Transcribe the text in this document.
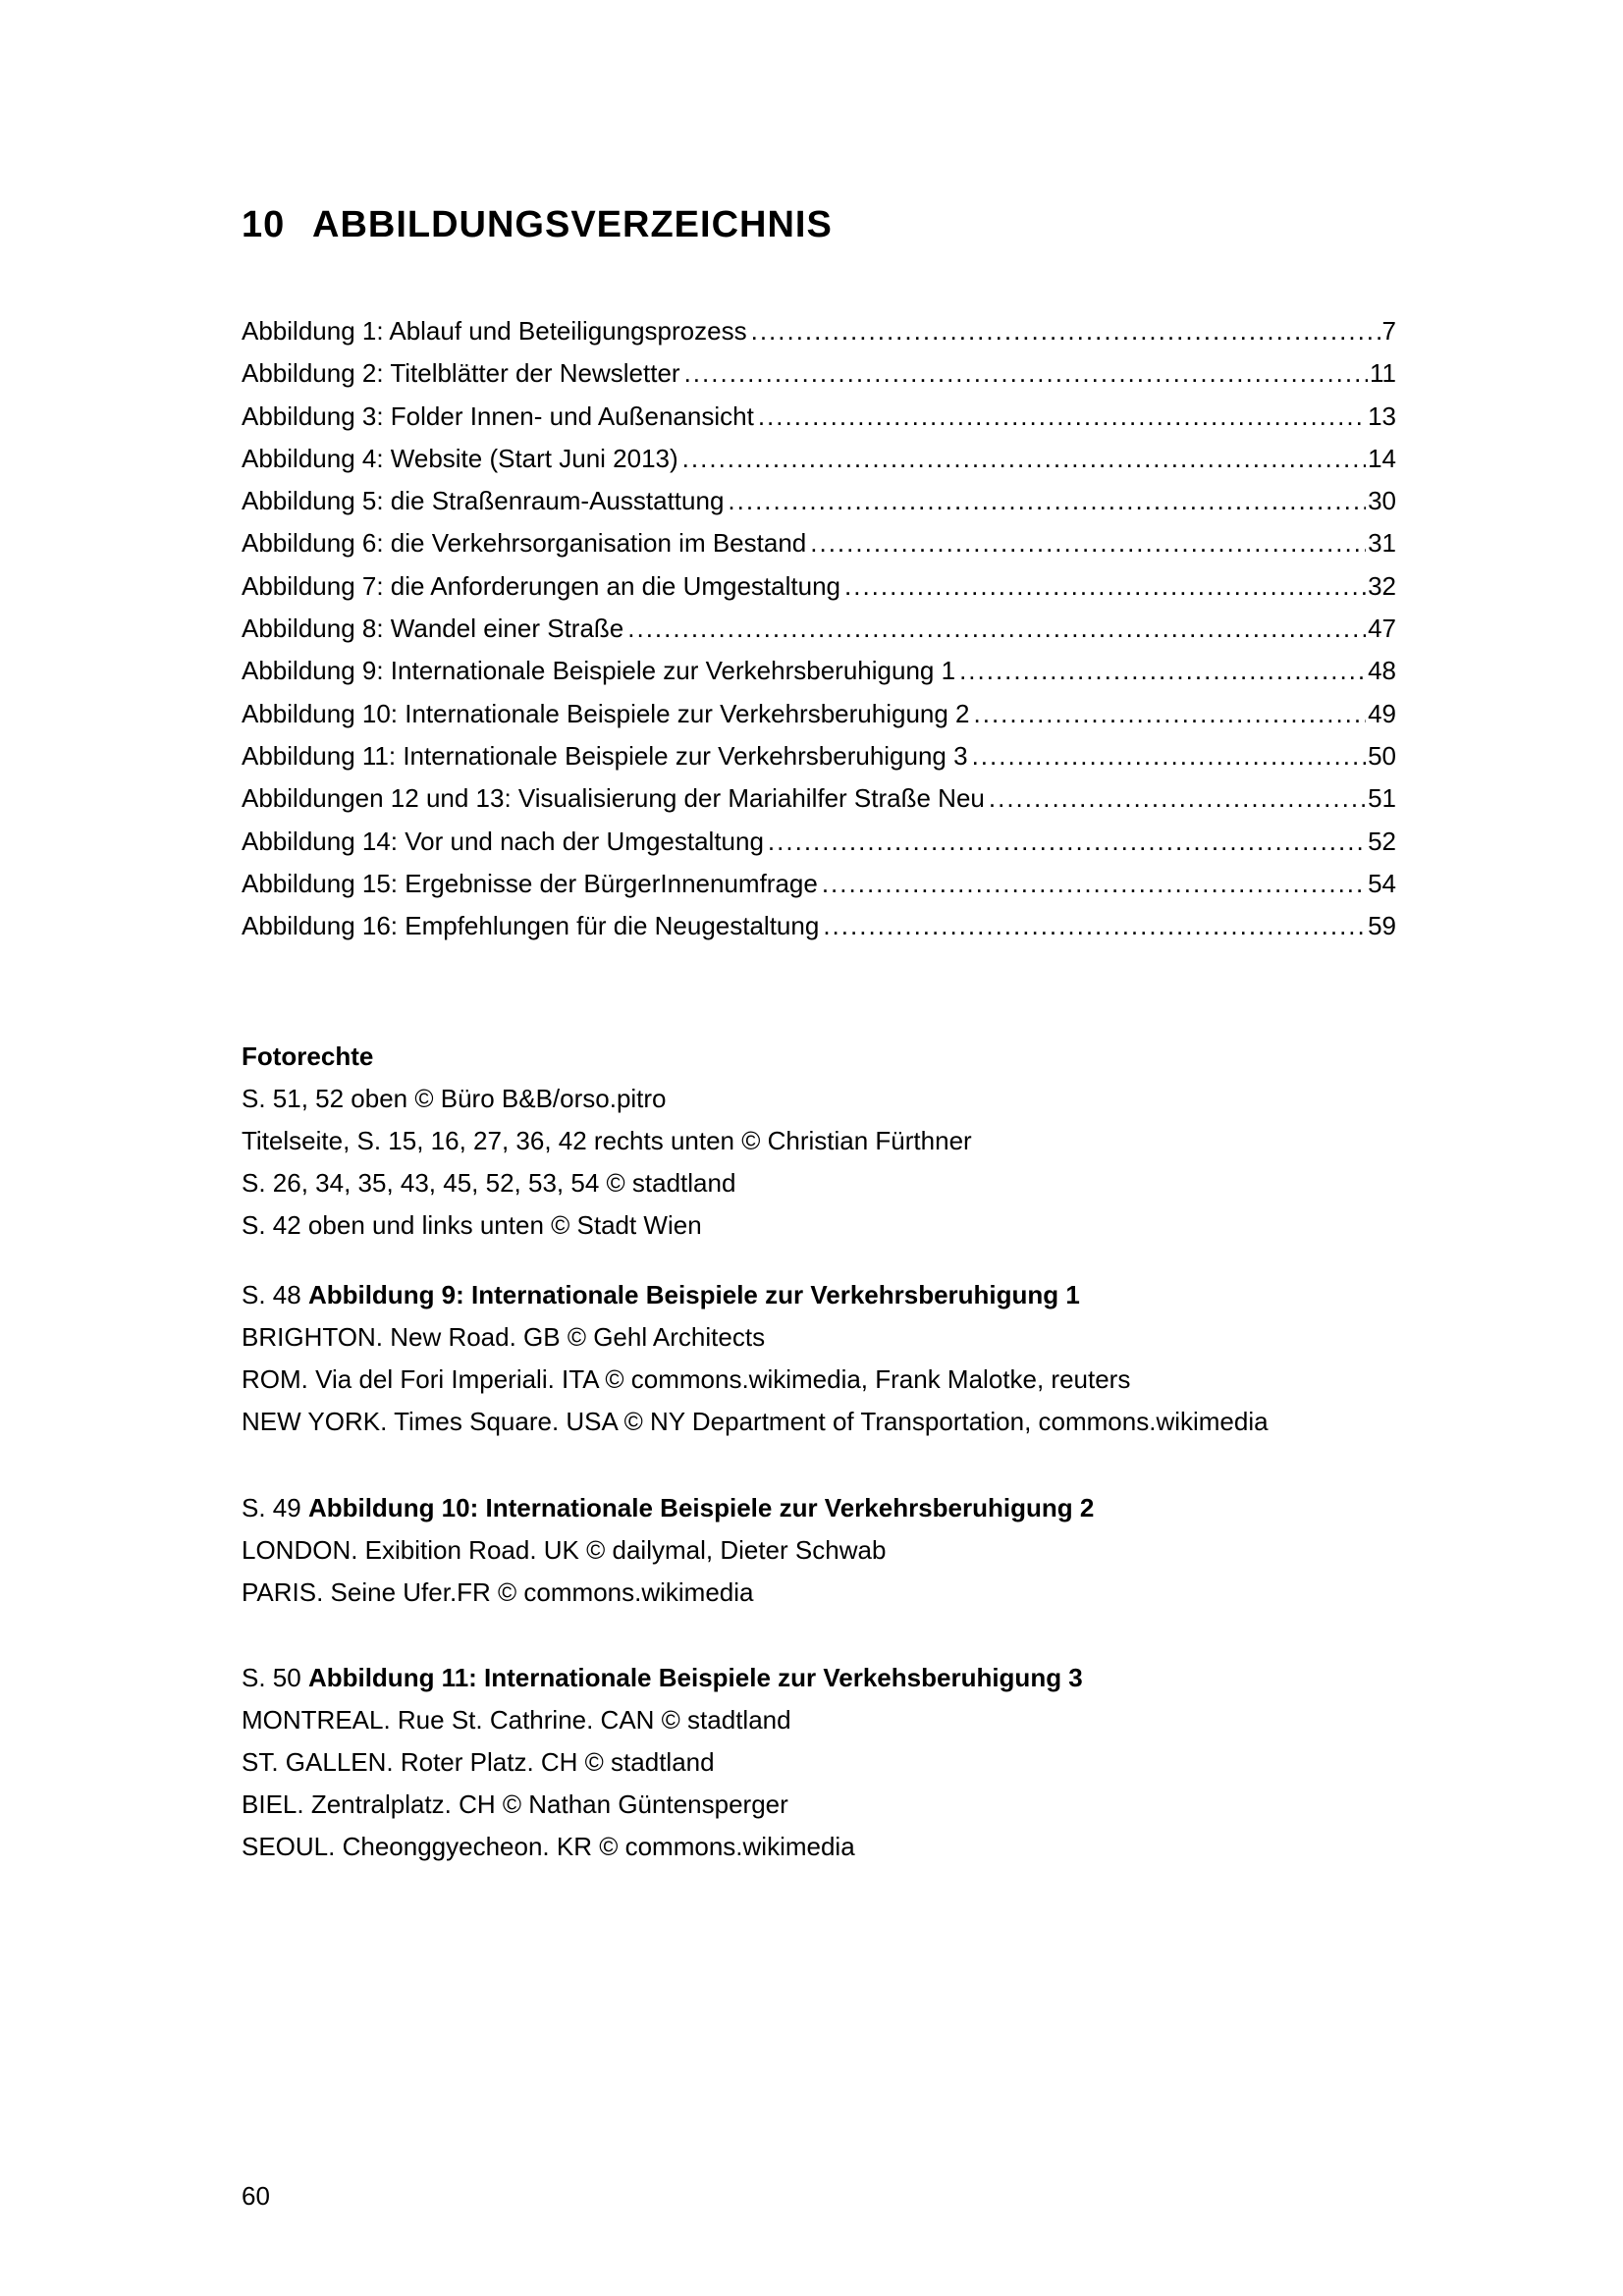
10 ABBILDUNGSVERZEICHNIS
Abbildung 1: Ablauf und Beteiligungsprozess .....	7
Abbildung 2: Titelblätter der Newsletter .....	11
Abbildung 3: Folder Innen- und Außenansicht .....	13
Abbildung 4: Website (Start Juni 2013) .....	14
Abbildung 5: die Straßenraum-Ausstattung .....	30
Abbildung 6: die Verkehrsorganisation im Bestand .....	31
Abbildung 7: die Anforderungen an die Umgestaltung .....	32
Abbildung 8: Wandel einer Straße .....	47
Abbildung 9: Internationale Beispiele zur Verkehrsberuhigung 1 .....	48
Abbildung 10: Internationale Beispiele zur Verkehrsberuhigung 2 .....	49
Abbildung 11: Internationale Beispiele zur Verkehrsberuhigung 3 .....	50
Abbildungen 12 und 13: Visualisierung der Mariahilfer Straße Neu .....	51
Abbildung 14: Vor und nach der Umgestaltung .....	52
Abbildung 15: Ergebnisse der BürgerInnenumfrage .....	54
Abbildung 16: Empfehlungen für die Neugestaltung .....	59

Fotorechte

S. 51, 52 oben © Büro B&B/orso.pitro

Titelseite, S. 15, 16, 27, 36, 42 rechts unten © Christian Fürthner

S. 26, 34, 35, 43, 45, 52, 53, 54 © stadtland

S. 42 oben und links unten © Stadt Wien

S. 48 Abbildung 9: Internationale Beispiele zur Verkehrsberuhigung 1

BRIGHTON. New Road. GB © Gehl Architects

ROM. Via del Fori Imperiali. ITA © commons.wikimedia, Frank Malotke, reuters

NEW YORK. Times Square. USA © NY Department of Transportation, commons.wikimedia

S. 49 Abbildung 10: Internationale Beispiele zur Verkehrsberuhigung 2

LONDON. Exibition Road. UK © dailymal, Dieter Schwab

PARIS. Seine Ufer.FR © commons.wikimedia

S. 50 Abbildung 11: Internationale Beispiele zur Verkehsberuhigung 3

MONTREAL. Rue St. Cathrine. CAN © stadtland

ST. GALLEN. Roter Platz. CH © stadtland

BIEL. Zentralplatz. CH © Nathan Güntensperger

SEOUL. Cheonggyecheon. KR © commons.wikimedia

60
